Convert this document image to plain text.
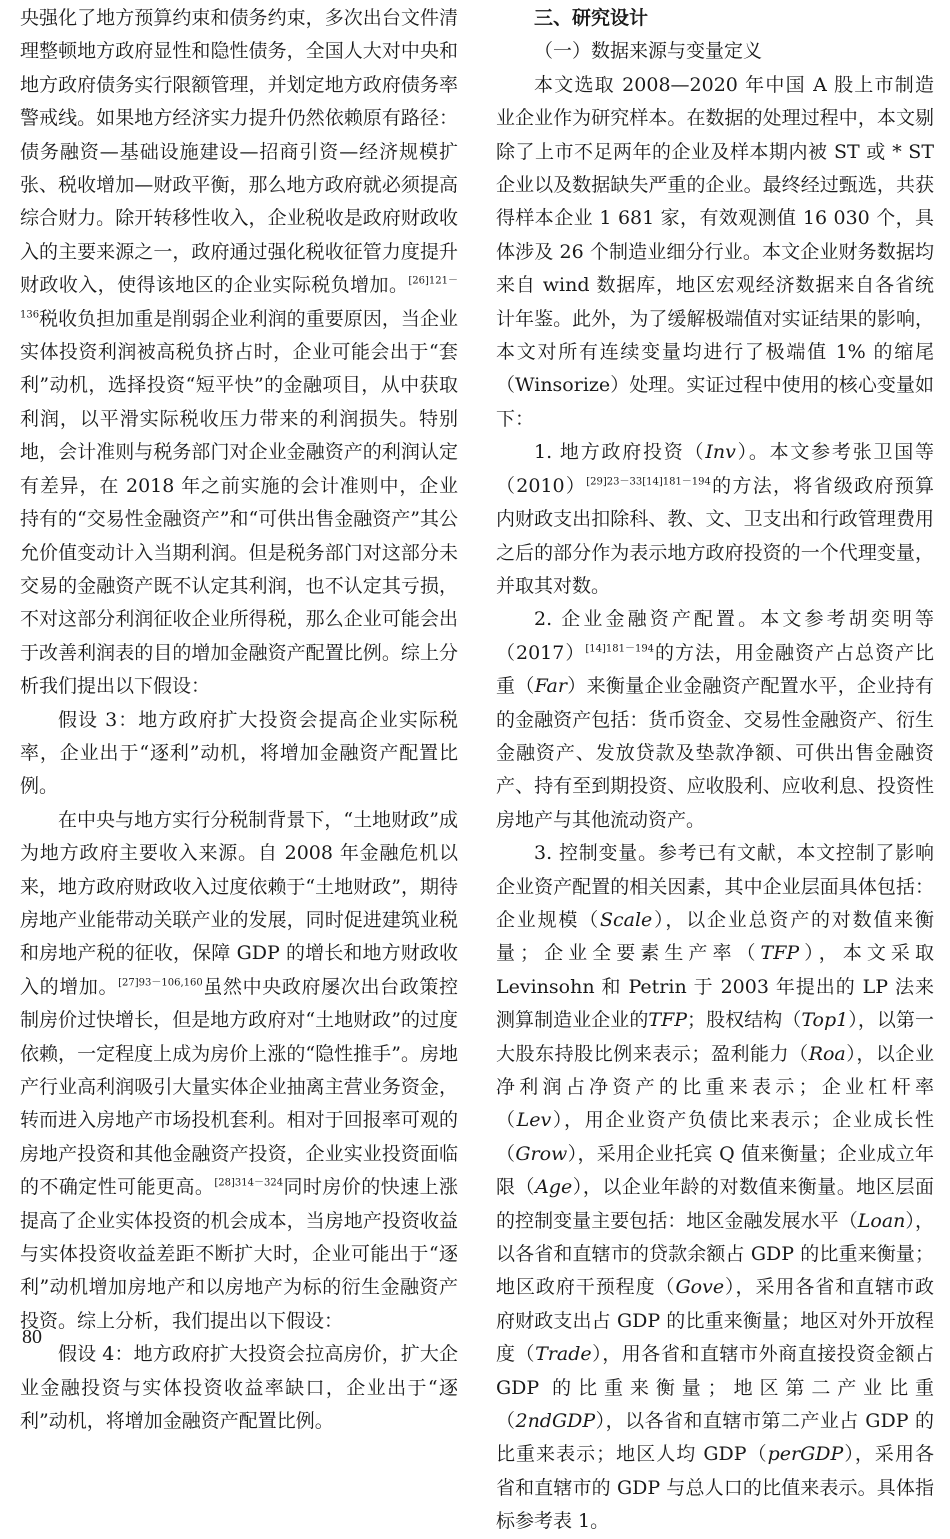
央强化了地方预算约束和债务约束，多次出台文件清理整顿地方政府显性和隐性债务，全国人大对中央和地方政府债务实行限额管理，并划定地方政府债务率警戒线。如果地方经济实力提升仍然依赖原有路径：债务融资—基础设施建设—招商引资—经济规模扩张、税收增加—财政平衡，那么地方政府就必须提高综合财力。除开转移性收入，企业税收是政府财政收入的主要来源之一，政府通过强化税收征管力度提升财政收入，使得该地区的企业实际税负增加。$^{[26]121-136}$税收负担加重是削弱企业利润的重要原因，当企业实体投资利润被高税负挤占时，企业可能会出于“套利”动机，选择投资“短平快”的金融项目，从中获取利润，以平滑实际税收压力带来的利润损失。特别地，会计准则与税务部门对企业金融资产的利润认定有差异，在 2018 年之前实施的会计准则中，企业持有的“交易性金融资产”和“可供出售金融资产”其公允价值变动计入当期利润。但是税务部门对这部分未交易的金融资产既不认定其利润，也不认定其亏损，不对这部分利润征收企业所得税，那么企业可能会出于改善利润表的目的增加金融资产配置比例。综上分析我们提出以下假设：

假设 3：地方政府扩大投资会提高企业实际税率，企业出于“逐利”动机，将增加金融资产配置比例。

在中央与地方实行分税制背景下，“土地财政”成为地方政府主要收入来源。自 2008 年金融危机以来，地方政府财政收入过度依赖于“土地财政”，期待房地产业能带动关联产业的发展，同时促进建筑业税和房地产税的征收，保障 GDP 的增长和地方财政收入的增加。$^{[27]93-106,160}$虽然中央政府屡次出台政策控制房价过快增长，但是地方政府对“土地财政”的过度依赖，一定程度上成为房价上涨的“隐性推手”。房地产行业高利润吸引大量实体企业抽离主营业务资金，转而进入房地产市场投机套利。相对于回报率可观的房地产投资和其他金融资产投资，企业实业投资面临的不确定性可能更高。$^{[28]314-324}$同时房价的快速上涨提高了企业实体投资的机会成本，当房地产投资收益与实体投资收益差距不断扩大时，企业可能出于“逐利”动机增加房地产和以房地产为标的衍生金融资产投资。综上分析，我们提出以下假设：

假设 4：地方政府扩大投资会拉高房价，扩大企业金融投资与实体投资收益率缺口，企业出于“逐利”动机，将增加金融资产配置比例。

三、研究设计

（一）数据来源与变量定义

本文选取 2008—2020 年中国 A 股上市制造业企业作为研究样本。在数据的处理过程中，本文剔除了上市不足两年的企业及样本期内被 ST 或 * ST 企业以及数据缺失严重的企业。最终经过甄选，共获得样本企业 1 681 家，有效观测值 16 030 个，具体涉及 26 个制造业细分行业。本文企业财务数据均来自 wind 数据库，地区宏观经济数据来自各省统计年鉴。此外，为了缓解极端值对实证结果的影响，本文对所有连续变量均进行了极端值 1% 的缩尾（Winsorize）处理。实证过程中使用的核心变量如下：

1. 地方政府投资（Inv）。本文参考张卫国等（2010）$^{[29]23-33[14]181-194}$的方法，将省级政府预算内财政支出扣除科、教、文、卫支出和行政管理费用之后的部分作为表示地方政府投资的一个代理变量，并取其对数。

2. 企业金融资产配置。本文参考胡奕明等（2017）$^{[14]181-194}$的方法，用金融资产占总资产比重（Far）来衡量企业金融资产配置水平，企业持有的金融资产包括：货币资金、交易性金融资产、衍生金融资产、发放贷款及垫款净额、可供出售金融资产、持有至到期投资、应收股利、应收利息、投资性房地产与其他流动资产。

3. 控制变量。参考已有文献，本文控制了影响企业资产配置的相关因素，其中企业层面具体包括：企业规模（Scale），以企业总资产的对数值来衡量；企业全要素生产率（TFP），本文采取 Levinsohn 和 Petrin 于 2003 年提出的 LP 法来测算制造业企业的TFP；股权结构（Top1），以第一大股东持股比例来表示；盈利能力（Roa），以企业净利润占净资产的比重来表示；企业杠杆率（Lev），用企业资产负债比来表示；企业成长性（Grow），采用企业托宾 Q 值来衡量；企业成立年限（Age），以企业年龄的对数值来衡量。地区层面的控制变量主要包括：地区金融发展水平（Loan），以各省和直辖市的贷款余额占 GDP 的比重来衡量；地区政府干预程度（Gove），采用各省和直辖市政府财政支出占 GDP 的比重来衡量；地区对外开放程度（Trade），用各省和直辖市外商直接投资金额占 GDP 的比重来衡量；地区第二产业比重（2ndGDP），以各省和直辖市第二产业占 GDP 的比重来表示；地区人均 GDP（perGDP），采用各省和直辖市的 GDP 与总人口的比值来表示。具体指标参考表 1。

80
